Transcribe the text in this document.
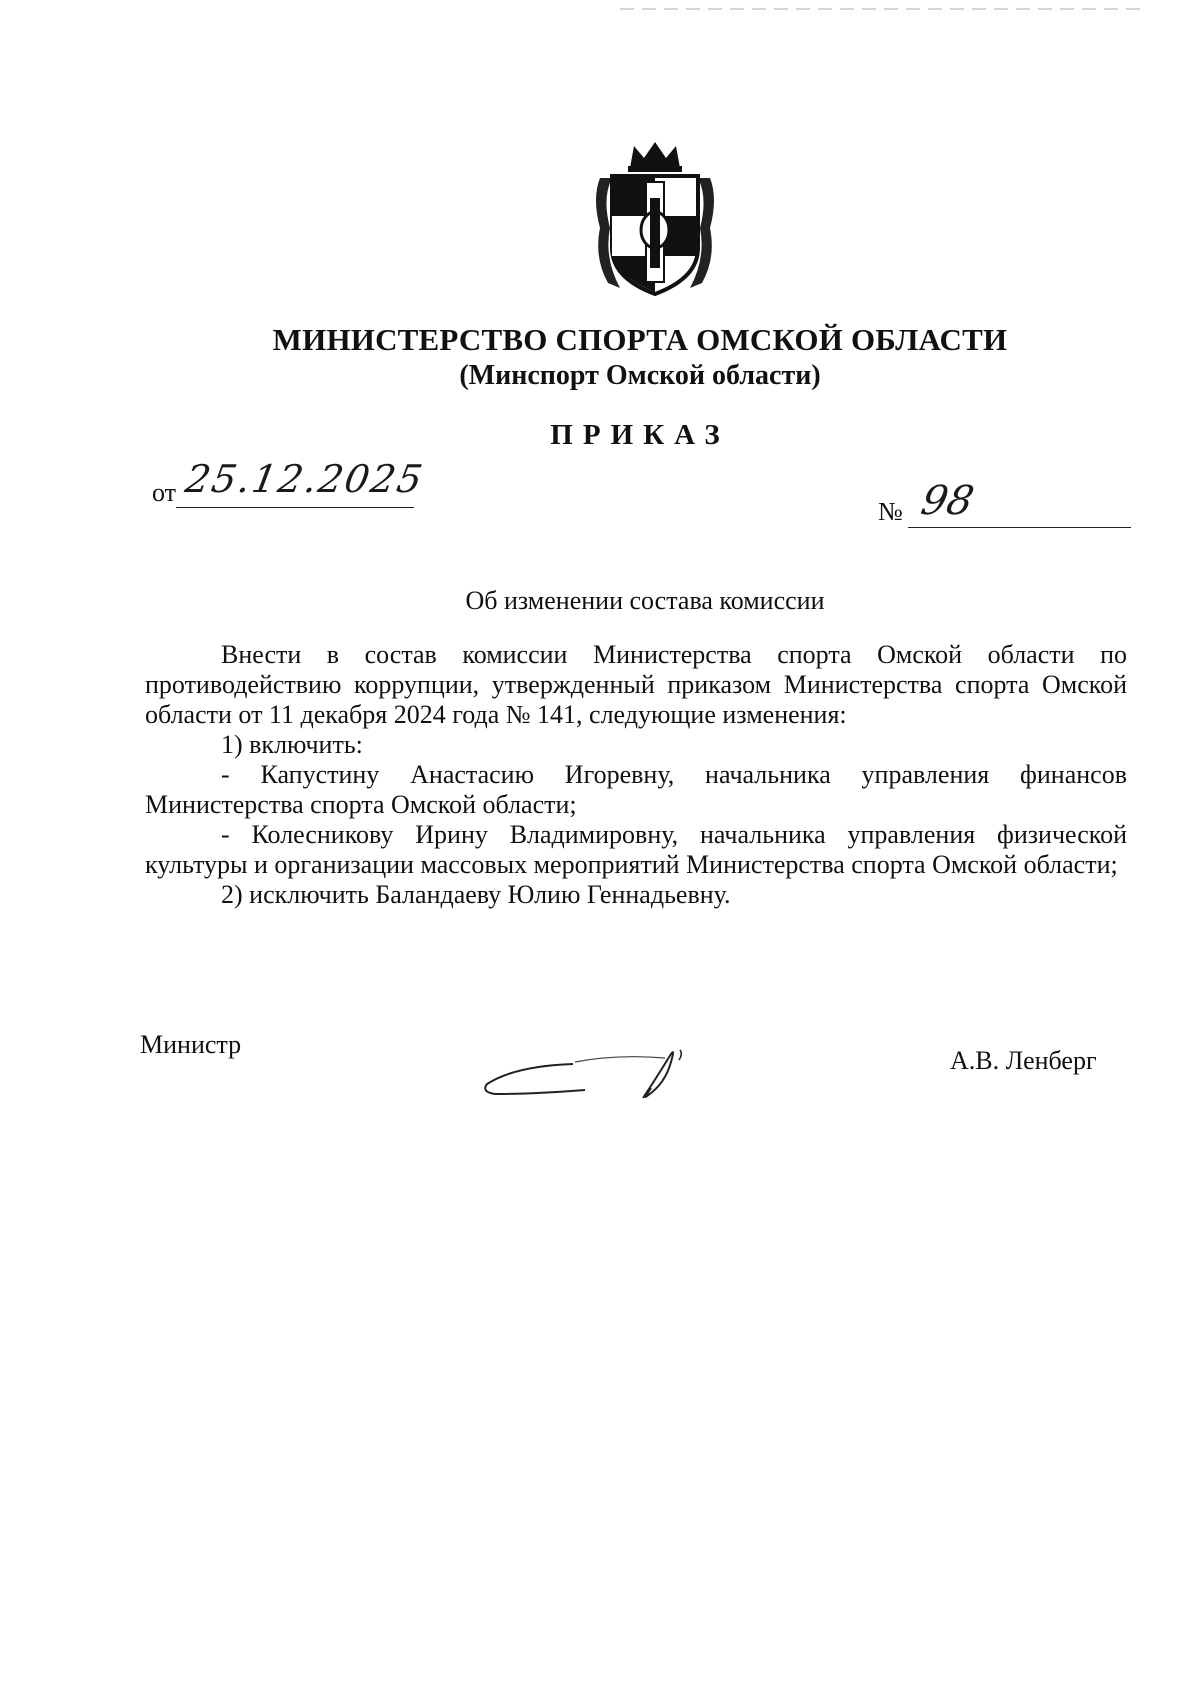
МИНИСТЕРСТВО СПОРТА ОМСКОЙ ОБЛАСТИ
(Минспорт Омской области)
ПРИКАЗ
от 25.12.2025
№ 98
Об изменении состава комиссии

Внести в состав комиссии Министерства спорта Омской области по противодействию коррупции, утвержденный приказом Министерства спорта Омской области от 11 декабря 2024 года № 141, следующие изменения:

1) включить:

- Капустину Анастасию Игоревну, начальника управления финансов Министерства спорта Омской области;

- Колесникову Ирину Владимировну, начальника управления физической культуры и организации массовых мероприятий Министерства спорта Омской области;

2) исключить Баландаеву Юлию Геннадьевну.

Министр
А.В. Ленберг
